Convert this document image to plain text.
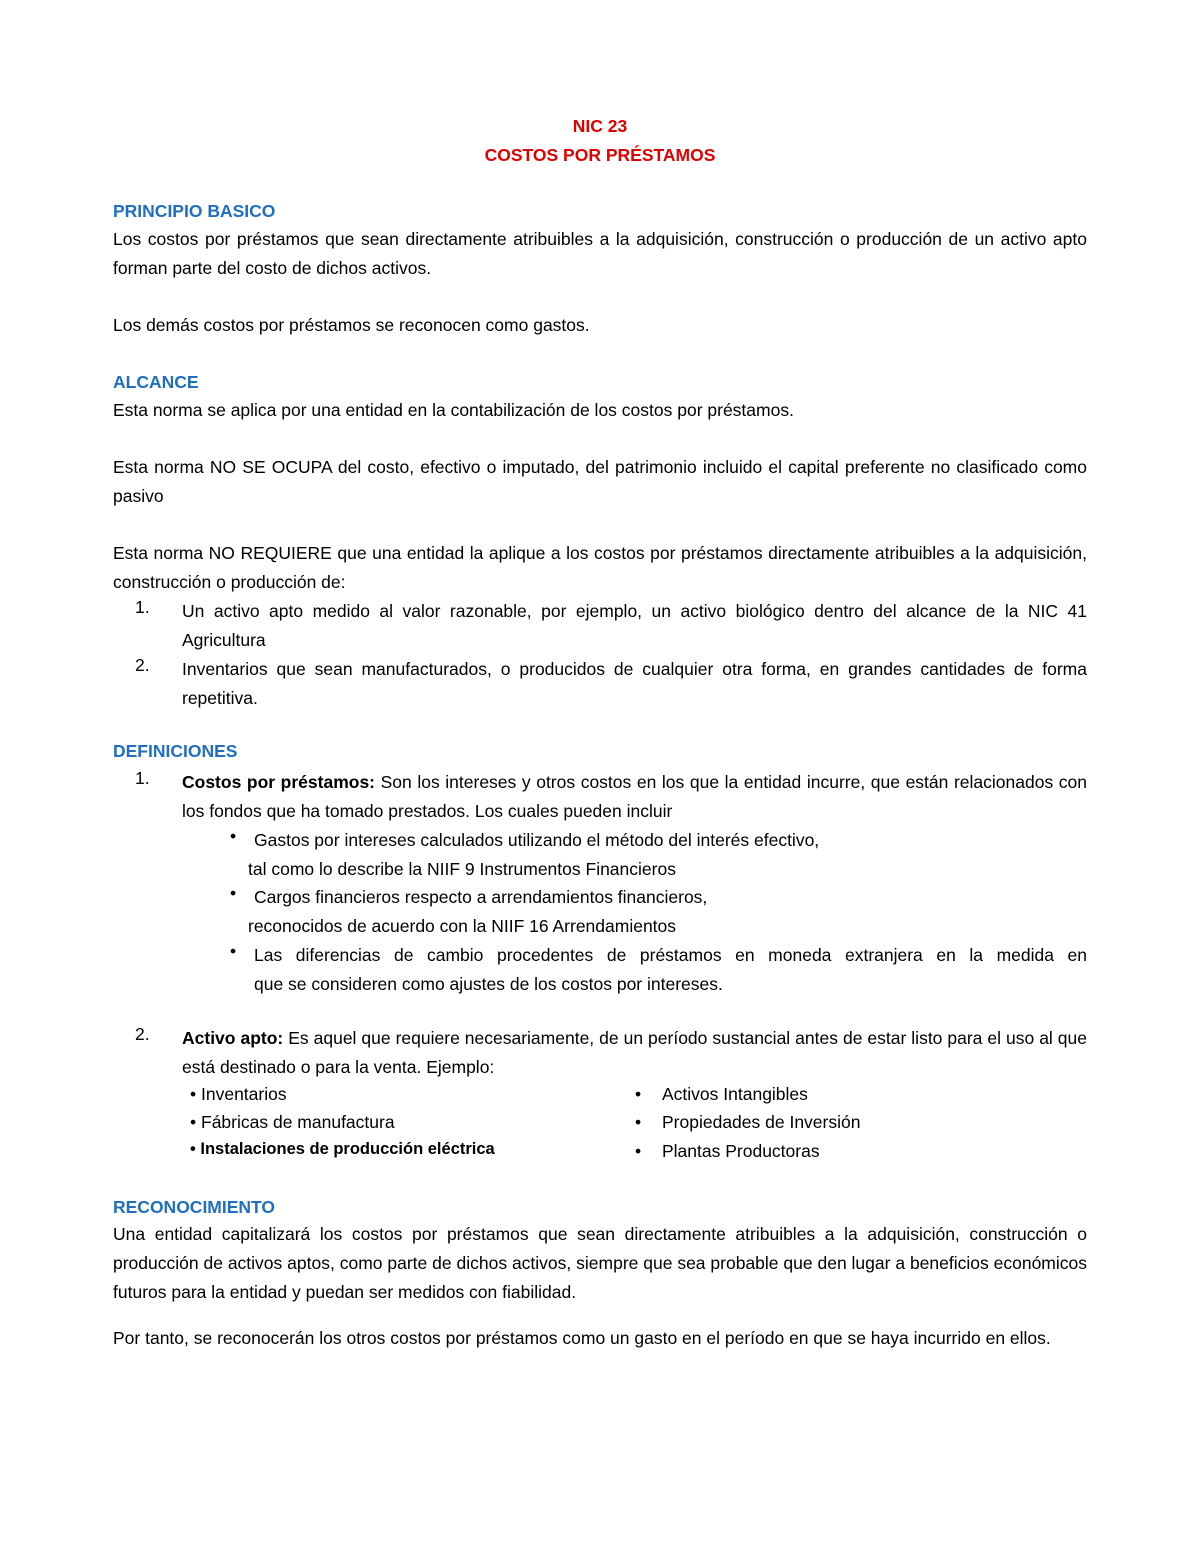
NIC 23
COSTOS POR PRÉSTAMOS
PRINCIPIO BASICO
Los costos por préstamos que sean directamente atribuibles a la adquisición, construcción o producción de un activo apto forman parte del costo de dichos activos.
Los demás costos por préstamos se reconocen como gastos.
ALCANCE
Esta norma se aplica por una entidad en la contabilización de los costos por préstamos.
Esta norma NO SE OCUPA del costo, efectivo o imputado, del patrimonio incluido el capital preferente no clasificado como pasivo
Esta norma NO REQUIERE que una entidad la aplique a los costos por préstamos directamente atribuibles a la adquisición, construcción o producción de:
1. Un activo apto medido al valor razonable, por ejemplo, un activo biológico dentro del alcance de la NIC 41 Agricultura
2. Inventarios que sean manufacturados, o producidos de cualquier otra forma, en grandes cantidades de forma repetitiva.
DEFINICIONES
1. Costos por préstamos: Son los intereses y otros costos en los que la entidad incurre, que están relacionados con los fondos que ha tomado prestados. Los cuales pueden incluir
• Gastos por intereses calculados utilizando el método del interés efectivo,
tal como lo describe la NIIF 9 Instrumentos Financieros
• Cargos financieros respecto a arrendamientos financieros,
reconocidos de acuerdo con la NIIF 16 Arrendamientos
• Las diferencias de cambio procedentes de préstamos en moneda extranjera en la medida en
que se consideren como ajustes de los costos por intereses.
2. Activo apto: Es aquel que requiere necesariamente, de un período sustancial antes de estar listo para el uso al que está destinado o para la venta. Ejemplo:
• Inventarios
• Fábricas de manufactura
• Instalaciones de producción eléctrica
• Activos Intangibles
• Propiedades de Inversión
• Plantas Productoras
RECONOCIMIENTO
Una entidad capitalizará los costos por préstamos que sean directamente atribuibles a la adquisición, construcción o producción de activos aptos, como parte de dichos activos, siempre que sea probable que den lugar a beneficios económicos futuros para la entidad y puedan ser medidos con fiabilidad.
Por tanto, se reconocerán los otros costos por préstamos como un gasto en el período en que se haya incurrido en ellos.
